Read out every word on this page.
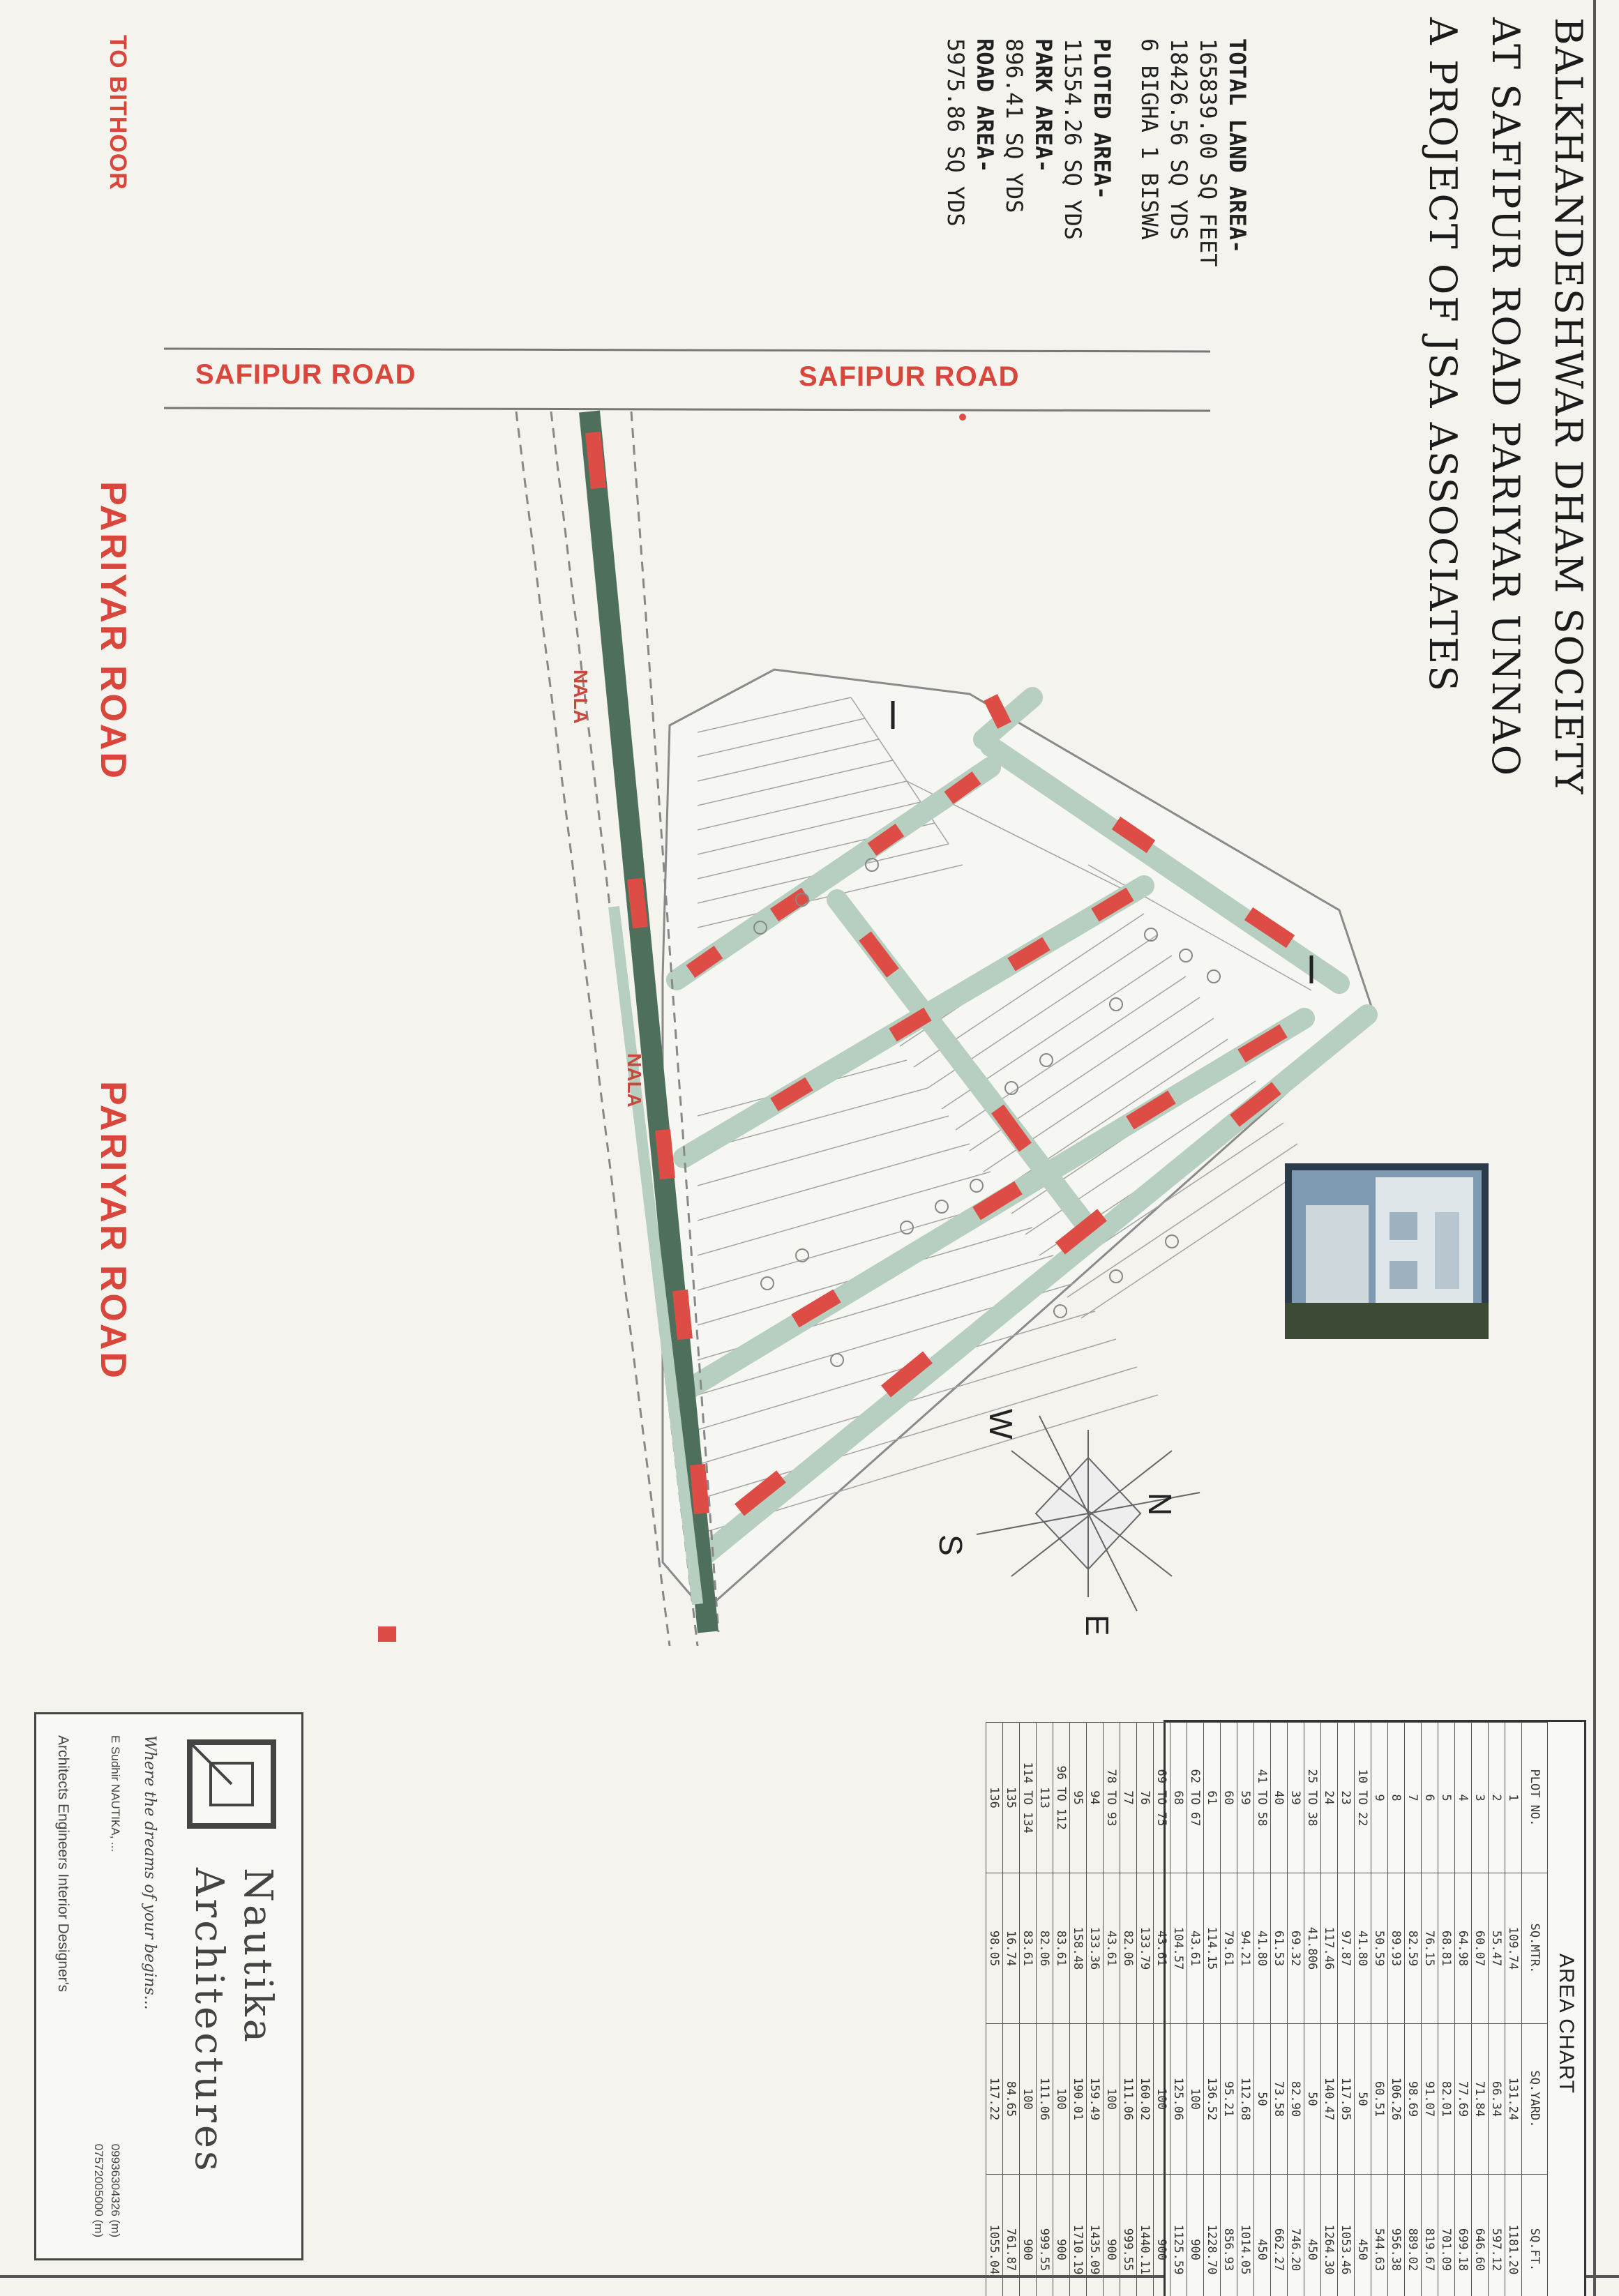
BALKHANDESHWAR DHAM SOCIETY
AT SAFIPUR ROAD PARIYAR UNNAO
A PROJECT OF JSA ASSOCIATES
TOTAL LAND AREA-
165839.00 SQ FEET
18426.56 SQ YDS
6 BIGHA 1 BISWA
PLOTED AREA-
11554.26 SQ YDS
PARK AREA-
896.41 SQ YDS
ROAD AREA-
5975.86 SQ YDS
SAFIPUR ROAD	SAFIPUR ROAD
TO BITHOOR
PARIYAR ROAD
PARIYAR ROAD
W
N
S
E
NALA
NALA
AREA CHART
PLOT NO.	SQ.MTR.	SQ.YARD.	SQ.FT.
1	109.74	131.24	1181.20
2	55.47	66.34	597.12
3	60.07	71.84	646.60
4	64.98	77.69	699.18
5	68.81	82.01	701.09
6	76.15	91.07	819.67
7	82.59	98.69	889.02
8	89.93	106.26	956.38
9	50.59	60.51	544.63
10 TO 22	41.80	50	450
23	97.87	117.05	1053.46
24	117.46	140.47	1264.30
25 TO 38	41.806	50	450
39	69.32	82.90	746.20
40	61.53	73.58	662.27
41 TO 58	41.80	50	450
59	94.21	112.68	1014.05
60	79.61	95.21	856.93
61	114.15	136.52	1228.70
62 TO 67	43.61	100	900
68	104.57	125.06	1125.59
69 TO 75	43.61	100	900
76	133.79	160.02	1440.11
77	82.06	111.06	999.55
78 TO 93	43.61	100	900
94	133.36	159.49	1435.09
95	158.48	190.01	1710.19
96 TO 112	83.61	100	900
113	82.06	111.06	999.55
114 TO 134	83.61	100	900
135	16.74	84.65	761.87
136	98.05	117.22	1055.04
Nautika
Architectures
Where the dreams of your begins...
E Sudhir NAUTIKA, ...
09936304326 (m)
07572005000 (m)
Architects Engineers Interior Designer's
